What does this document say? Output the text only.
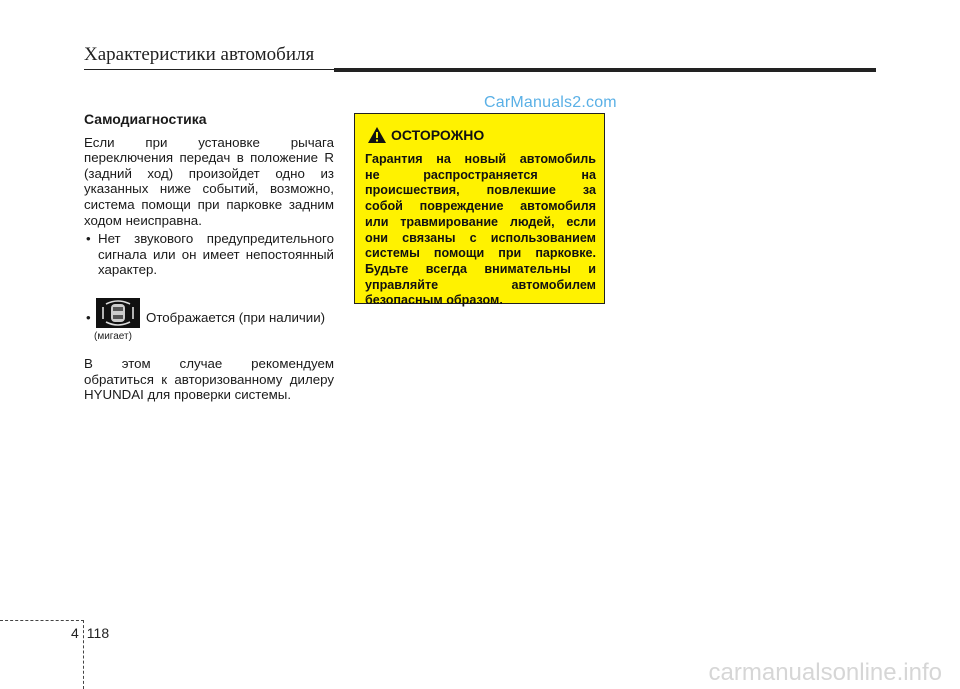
Характеристики автомобиля
CarManuals2.com
Самодиагностика

Если при установке рычага

переключения передач в положение R

(задний ход) произойдет одно из

указанных ниже событий, возможно,

система помощи при парковке задним

ходом неисправна.

• Нет звукового предупредительного

сигнала или он имеет непостоянный

характер.

•
(мигает)
Отображается (при наличии)

В этом случае рекомендуем

обратиться к авторизованному дилеру

HYUNDAI для проверки системы.

ОСТОРОЖНО

Гарантия на новый автомобиль

не распространяется на

происшествия, повлекшие за

собой повреждение автомобиля

или травмирование людей, если

они связаны с использованием

системы помощи при парковке.

Будьте всегда внимательны и

управляйте автомобилем

безопасным образом.

4 118
carmanualsonline.info
